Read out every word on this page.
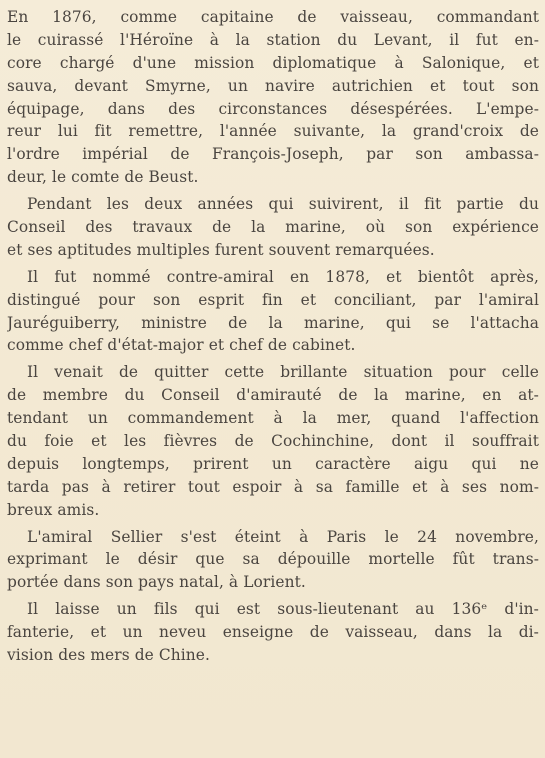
En 1876, comme capitaine de vaisseau, commandant
le cuirassé l'Héroïne à la station du Levant, il fut en-
core chargé d'une mission diplomatique à Salonique, et
sauva, devant Smyrne, un navire autrichien et tout son
équipage, dans des circonstances désespérées. L'empe-
reur lui fit remettre, l'année suivante, la grand'croix de
l'ordre impérial de François-Joseph, par son ambassa-
deur, le comte de Beust.
Pendant les deux années qui suivirent, il fit partie du
Conseil des travaux de la marine, où son expérience
et ses aptitudes multiples furent souvent remarquées.
Il fut nommé contre-amiral en 1878, et bientôt après,
distingué pour son esprit fin et conciliant, par l'amiral
Jauréguiberry, ministre de la marine, qui se l'attacha
comme chef d'état-major et chef de cabinet.
Il venait de quitter cette brillante situation pour celle
de membre du Conseil d'amirauté de la marine, en at-
tendant un commandement à la mer, quand l'affection
du foie et les fièvres de Cochinchine, dont il souffrait
depuis longtemps, prirent un caractère aigu qui ne
tarda pas à retirer tout espoir à sa famille et à ses nom-
breux amis.
L'amiral Sellier s'est éteint à Paris le 24 novembre,
exprimant le désir que sa dépouille mortelle fût trans-
portée dans son pays natal, à Lorient.
Il laisse un fils qui est sous-lieutenant au 136ᵉ d'in-
fanterie, et un neveu enseigne de vaisseau, dans la di-
vision des mers de Chine.
